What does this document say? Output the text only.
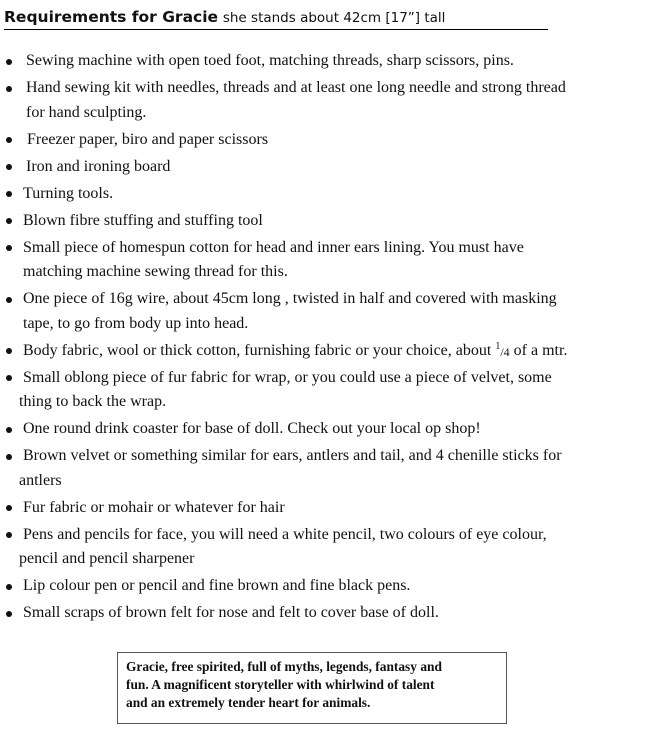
Requirements for Gracie she stands about 42cm [17”] tall
Sewing machine with open toed foot, matching threads, sharp scissors, pins.
Hand sewing kit with needles, threads and at least one long needle and strong thread
for hand sculpting.
Freezer paper, biro and paper scissors
Iron and ironing board
Turning tools.
Blown fibre stuffing and stuffing tool
Small piece of homespun cotton for head and inner ears lining. You must have
matching machine sewing thread for this.
One piece of 16g wire, about 45cm long , twisted in half and covered with masking
tape, to go from body up into head.
Body fabric, wool or thick cotton, furnishing fabric or your choice, about $^1_{/4}$ of a mtr.
Small oblong piece of fur fabric for wrap, or you could use a piece of velvet, some
thing to back the wrap.
One round drink coaster for base of doll. Check out your local op shop!
Brown velvet or something similar for ears, antlers and tail, and 4 chenille sticks for
antlers
Fur fabric or mohair or whatever for hair
Pens and pencils for face, you will need a white pencil, two colours of eye colour,
pencil and pencil sharpener
Lip colour pen or pencil and fine brown and fine black pens.
Small scraps of brown felt for nose and felt to cover base of doll.
Gracie, free spirited, full of myths, legends, fantasy and
fun. A magnificent storyteller with whirlwind of talent
and an extremely tender heart for animals.
